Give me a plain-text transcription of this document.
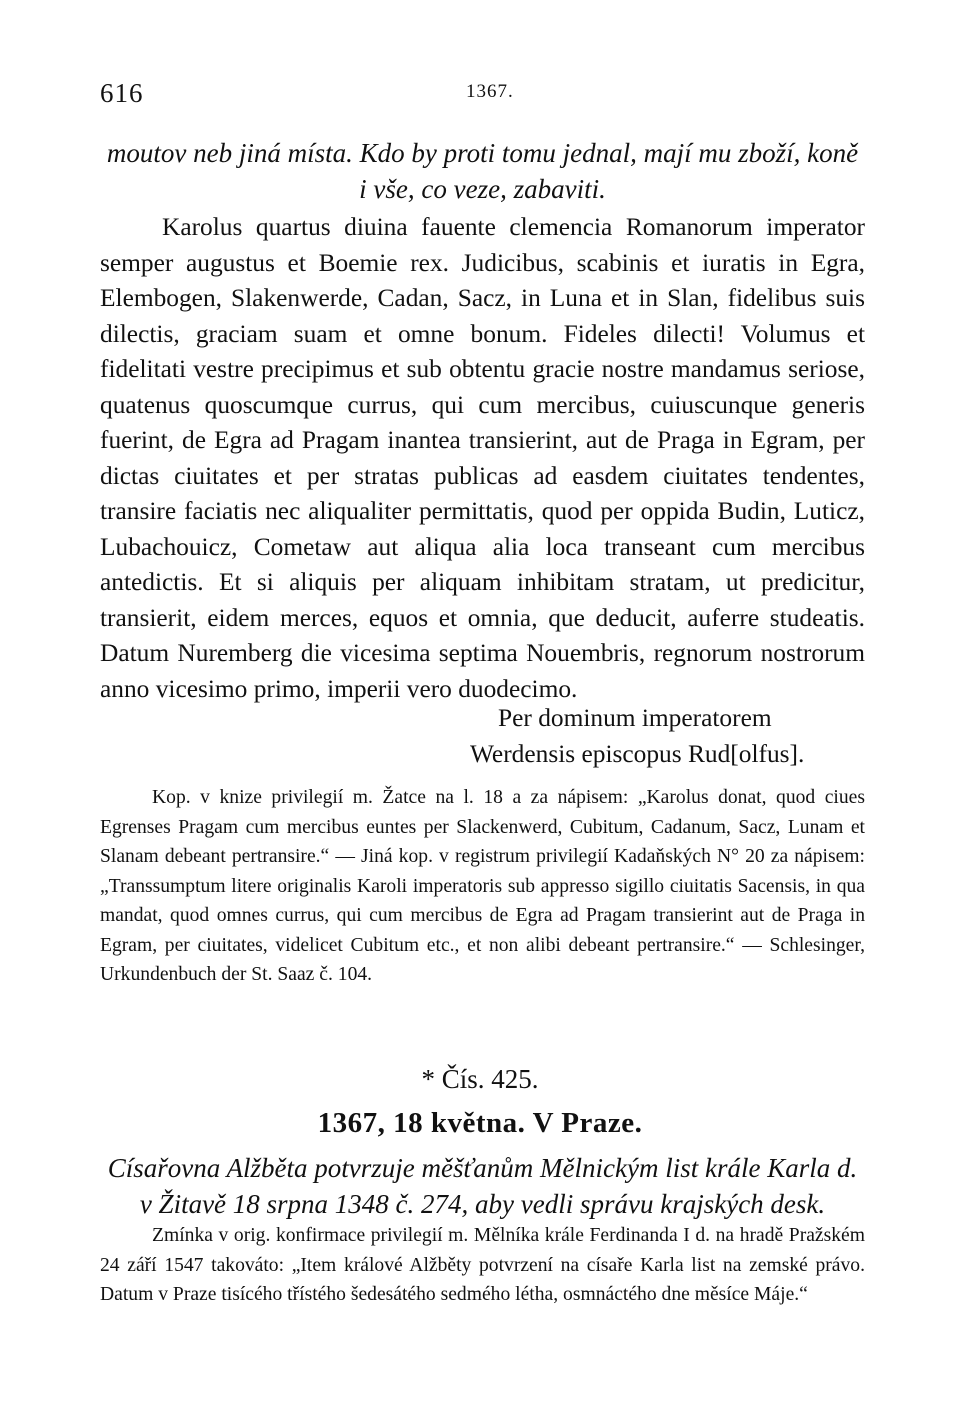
616	1367.
moutov neb jiná místa. Kdo by proti tomu jednal, mají mu zboží, koně i vše, co veze, zabaviti.

Karolus quartus diuina fauente clemencia Romanorum imperator semper augustus et Boemie rex. Judicibus, scabinis et iuratis in Egra, Elembogen, Slakenwerde, Cadan, Sacz, in Luna et in Slan, fidelibus suis dilectis, graciam suam et omne bonum. Fideles dilecti! Volumus et fidelitati vestre precipimus et sub obtentu gracie nostre mandamus seriose, quatenus quoscumque currus, qui cum mercibus, cuiuscunque generis fuerint, de Egra ad Pragam inantea transierint, aut de Praga in Egram, per dictas ciuitates et per stratas publicas ad easdem ciuitates tendentes, transire faciatis nec aliqualiter permittatis, quod per oppida Budin, Luticz, Lubachouicz, Cometaw aut aliqua alia loca transeant cum mercibus antedictis. Et si aliquis per aliquam inhibitam stratam, ut predicitur, transierit, eidem merces, equos et omnia, que deducit, auferre studeatis. Datum Nuremberg die vicesima septima Nouembris, regnorum nostrorum anno vicesimo primo, imperii vero duodecimo.

Per dominum imperatorem
Werdensis episcopus Rud[olfus].

Kop. v knize privilegií m. Žatce na l. 18 a za nápisem: „Karolus donat, quod ciues Egrenses Pragam cum mercibus euntes per Slackenwerd, Cubitum, Cadanum, Sacz, Lunam et Slanam debeant pertransire.“ — Jiná kop. v registrum privilegií Kadaňských N° 20 za nápisem: „Transsumptum litere originalis Karoli imperatoris sub appresso sigillo ciuitatis Sacensis, in qua mandat, quod omnes currus, qui cum mercibus de Egra ad Pragam transierint aut de Praga in Egram, per ciuitates, videlicet Cubitum etc., et non alibi debeant pertransire.“ — Schlesinger, Urkundenbuch der St. Saaz č. 104.

* Čís. 425.
1367, 18 května. V Praze.
Císařovna Alžběta potvrzuje měšťanům Mělnickým list krále Karla d. v Žitavě 18 srpna 1348 č. 274, aby vedli správu krajských desk.

Zmínka v orig. konfirmace privilegií m. Mělníka krále Ferdinanda I d. na hradě Pražském 24 září 1547 takováto: „Item králové Alžběty potvrzení na císaře Karla list na zemské právo. Datum v Praze tisícého třístého šedesátého sedmého létha, osmnáctého dne měsíce Máje.“
